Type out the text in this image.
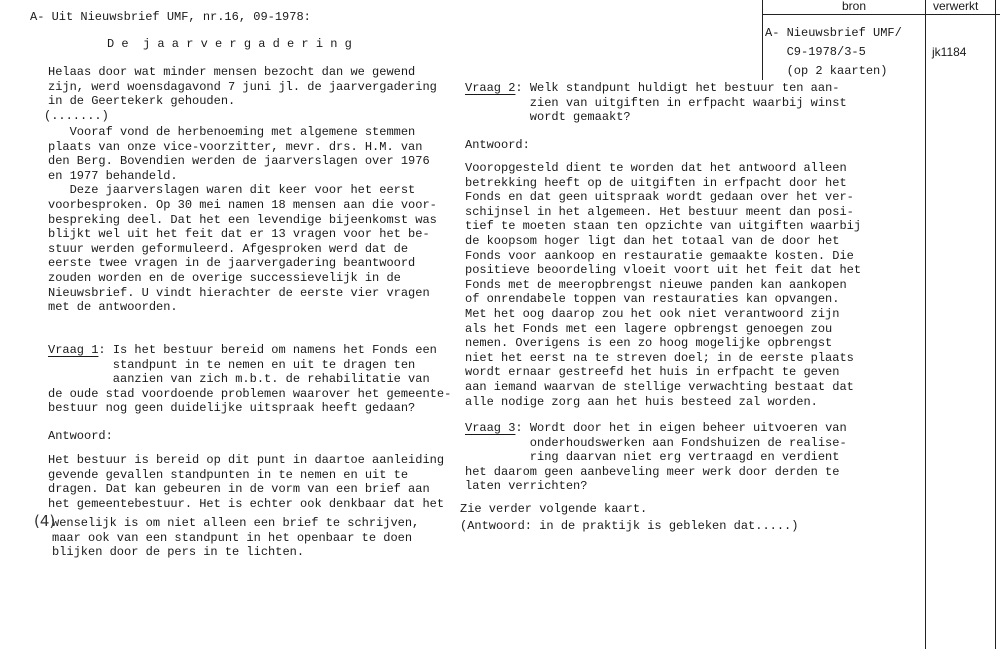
A- Uit Nieuwsbrief UMF, nr.16, 09-1978:
D e  j a a r v e r g a d e r i n g
Helaas door wat minder mensen bezocht dan we gewend
zijn, werd woensdagavond 7 juni jl. de jaarvergadering
in de Geertekerk gehouden.
(.......)
Vooraf vond de herbenoeming met algemene stemmen
plaats van onze vice-voorzitter, mevr. drs. H.M. van
den Berg. Bovendien werden de jaarverslagen over 1976
en 1977 behandeld.
Deze jaarverslagen waren dit keer voor het eerst
voorbesproken. Op 30 mei namen 18 mensen aan die voor-
bespreking deel. Dat het een levendige bijeenkomst was
blijkt wel uit het feit dat er 13 vragen voor het be-
stuur werden geformuleerd. Afgesproken werd dat de
eerste twee vragen in de jaarvergadering beantwoord
zouden worden en de overige successievelijk in de
Nieuwsbrief. U vindt hierachter de eerste vier vragen
met de antwoorden.
Vraag 1: Is het bestuur bereid om namens het Fonds een
standpunt in te nemen en uit te dragen ten
aanzien van zich m.b.t. de rehabilitatie van
de oude stad voordoende problemen waarover het gemeente-
bestuur nog geen duidelijke uitspraak heeft gedaan?
Antwoord:
Het bestuur is bereid op dit punt in daartoe aanleiding
gevende gevallen standpunten in te nemen en uit te
dragen. Dat kan gebeuren in de vorm van een brief aan
het gemeentebestuur. Het is echter ook denkbaar dat het
(4)
wenselijk is om niet alleen een brief te schrijven,
maar ook van een standpunt in het openbaar te doen
blijken door de pers in te lichten.
bron	verwerkt
A- Nieuwsbrief UMF/
C9-1978/3-5
(op 2 kaarten)
jk1184
Vraag 2: Welk standpunt huldigt het bestuur ten aan-
zien van uitgiften in erfpacht waarbij winst
wordt gemaakt?
Antwoord:
Vooropgesteld dient te worden dat het antwoord alleen
betrekking heeft op de uitgiften in erfpacht door het
Fonds en dat geen uitspraak wordt gedaan over het ver-
schijnsel in het algemeen. Het bestuur meent dan posi-
tief te moeten staan ten opzichte van uitgiften waarbij
de koopsom hoger ligt dan het totaal van de door het
Fonds voor aankoop en restauratie gemaakte kosten. Die
positieve beoordeling vloeit voort uit het feit dat het
Fonds met de meeropbrengst nieuwe panden kan aankopen
of onrendabele toppen van restauraties kan opvangen.
Met het oog daarop zou het ook niet verantwoord zijn
als het Fonds met een lagere opbrengst genoegen zou
nemen. Overigens is een zo hoog mogelijke opbrengst
niet het eerst na te streven doel; in de eerste plaats
wordt ernaar gestreefd het huis in erfpacht te geven
aan iemand waarvan de stellige verwachting bestaat dat
alle nodige zorg aan het huis besteed zal worden.
Vraag 3: Wordt door het in eigen beheer uitvoeren van
onderhoudswerken aan Fondshuizen de realise-
ring daarvan niet erg vertraagd en verdient
het daarom geen aanbeveling meer werk door derden te
laten verrichten?
Zie verder volgende kaart.
(Antwoord: in de praktijk is gebleken dat.....)
